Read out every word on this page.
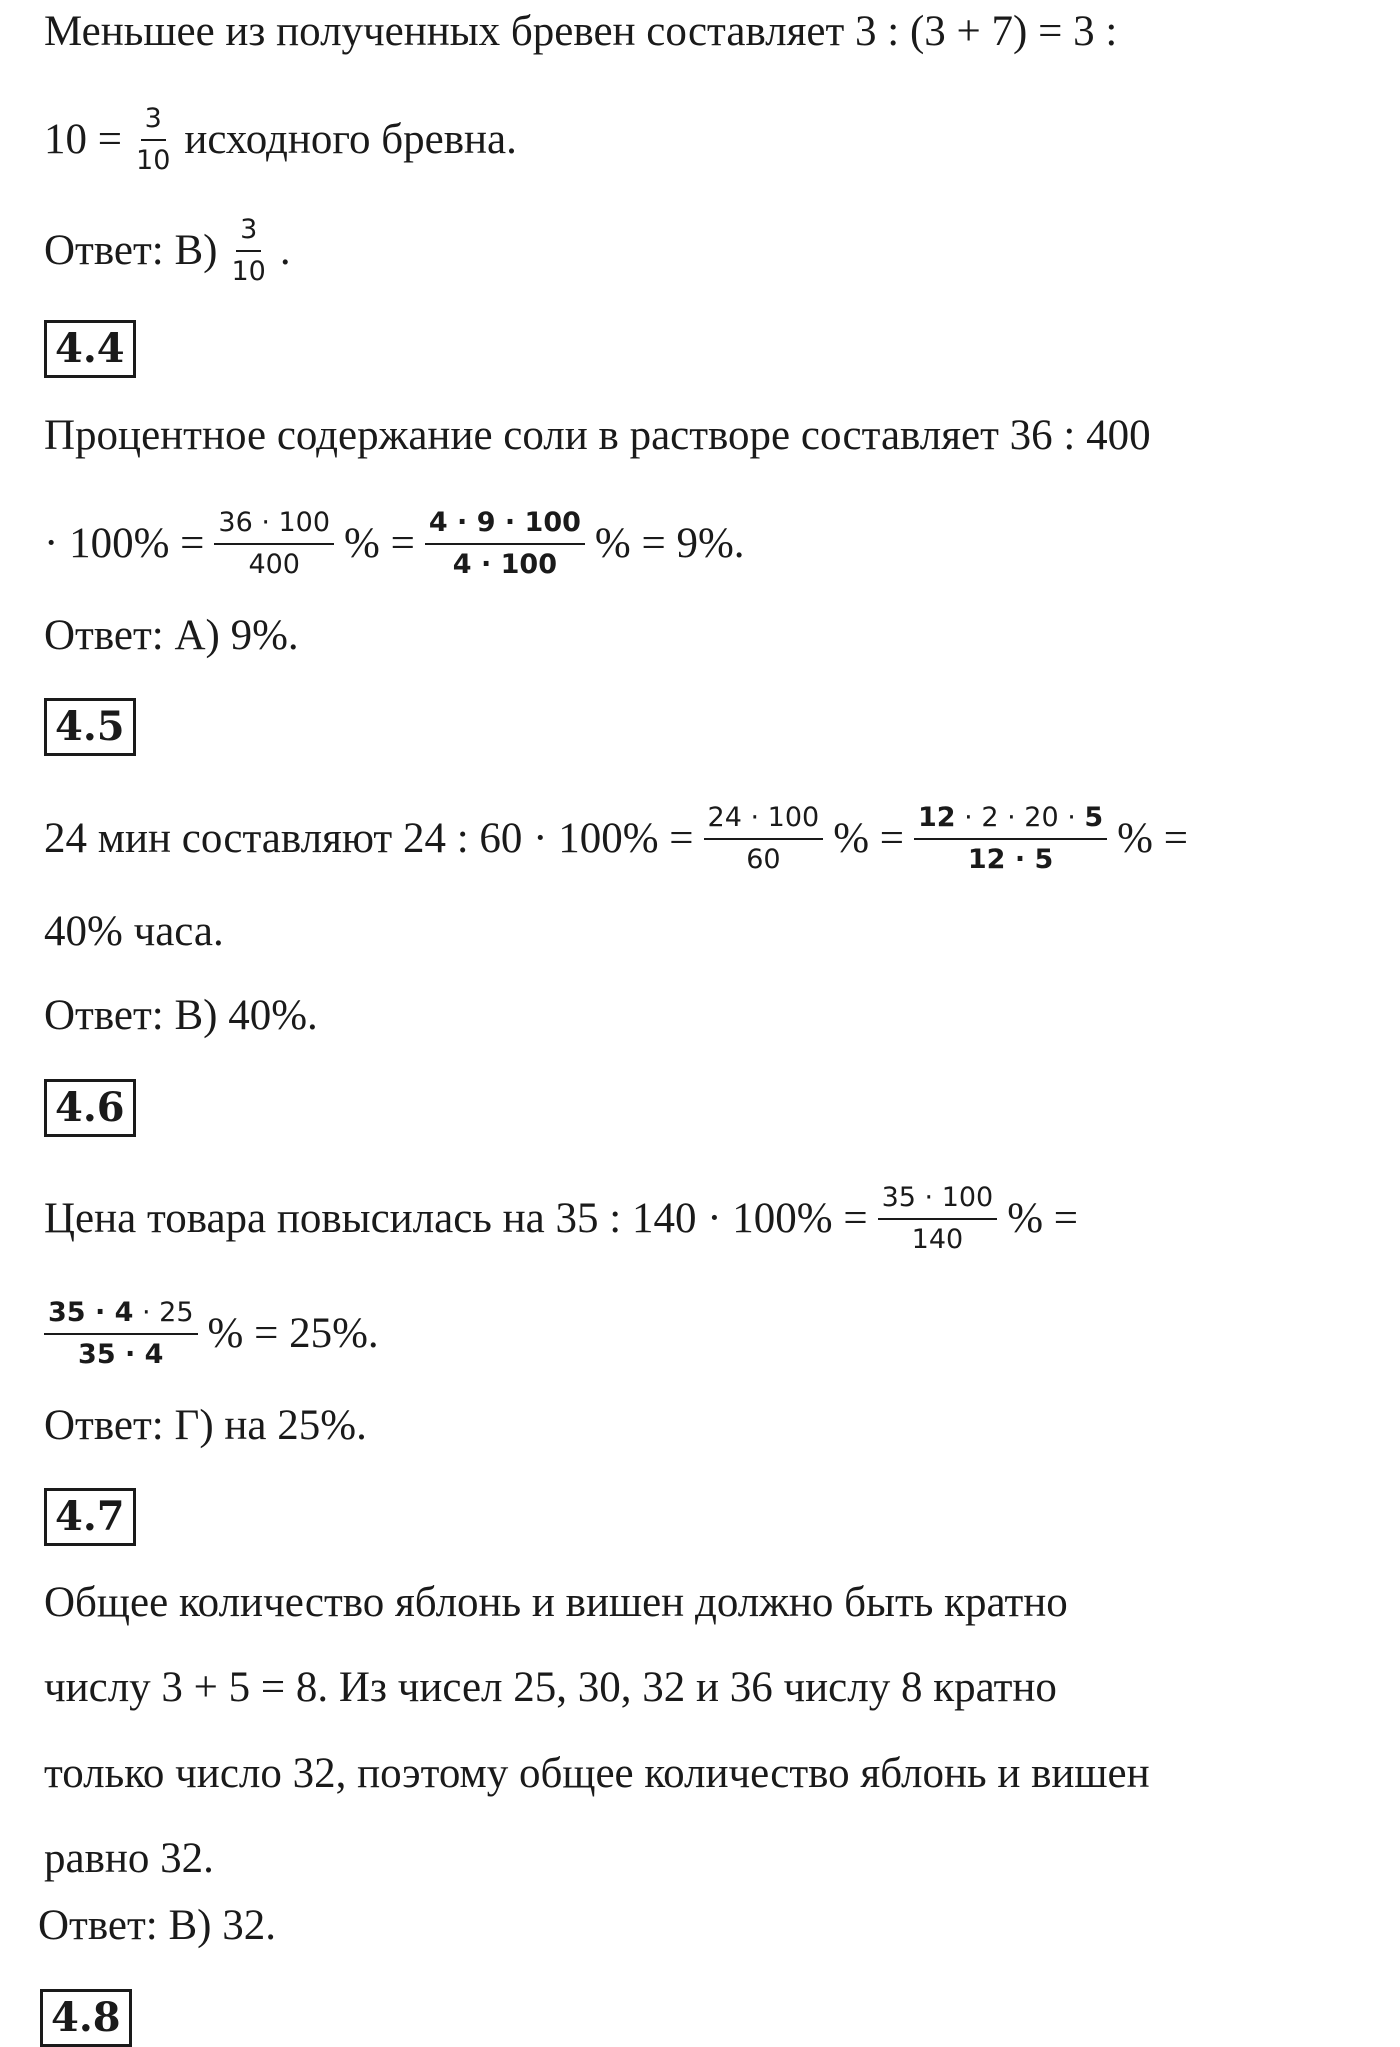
Меньшее из полученных бревен составляет 3 : (3 + 7) = 3 :
$10 = \frac{3}{10}$ исходного бревна.
Ответ: $В) \frac{3}{10}$ .
4.4
Процентное содержание соли в растворе составляет 36 : 400
· $100\% = \frac{36 \cdot 100}{400}$ % = $\frac{4 \cdot 9 \cdot 100}{4 \cdot 100}$ % = 9%.
Ответ: А) 9%.
4.5
24 мин составляют 24 : $60 \cdot 100\% = \frac{24 \cdot 100}{60}$ % = $\frac{12 \cdot 2 \cdot 20 \cdot 5}{12 \cdot 5}$ % =
40% часа.
Ответ: В) 40%.
4.6
Цена товара повысилась на 35 : $140 \cdot 100\% = \frac{35 \cdot 100}{140}$ % =
$\frac{35 \cdot 4 \cdot 25}{35 \cdot 4}$ % = 25%.
Ответ: Г) на 25%.
4.7
Общее количество яблонь и вишен должно быть кратно
числу 3 + 5 = 8. Из чисел 25, 30, 32 и 36 числу 8 кратно
только число 32, поэтому общее количество яблонь и вишен
равно 32.
Ответ: В) 32.
4.8
